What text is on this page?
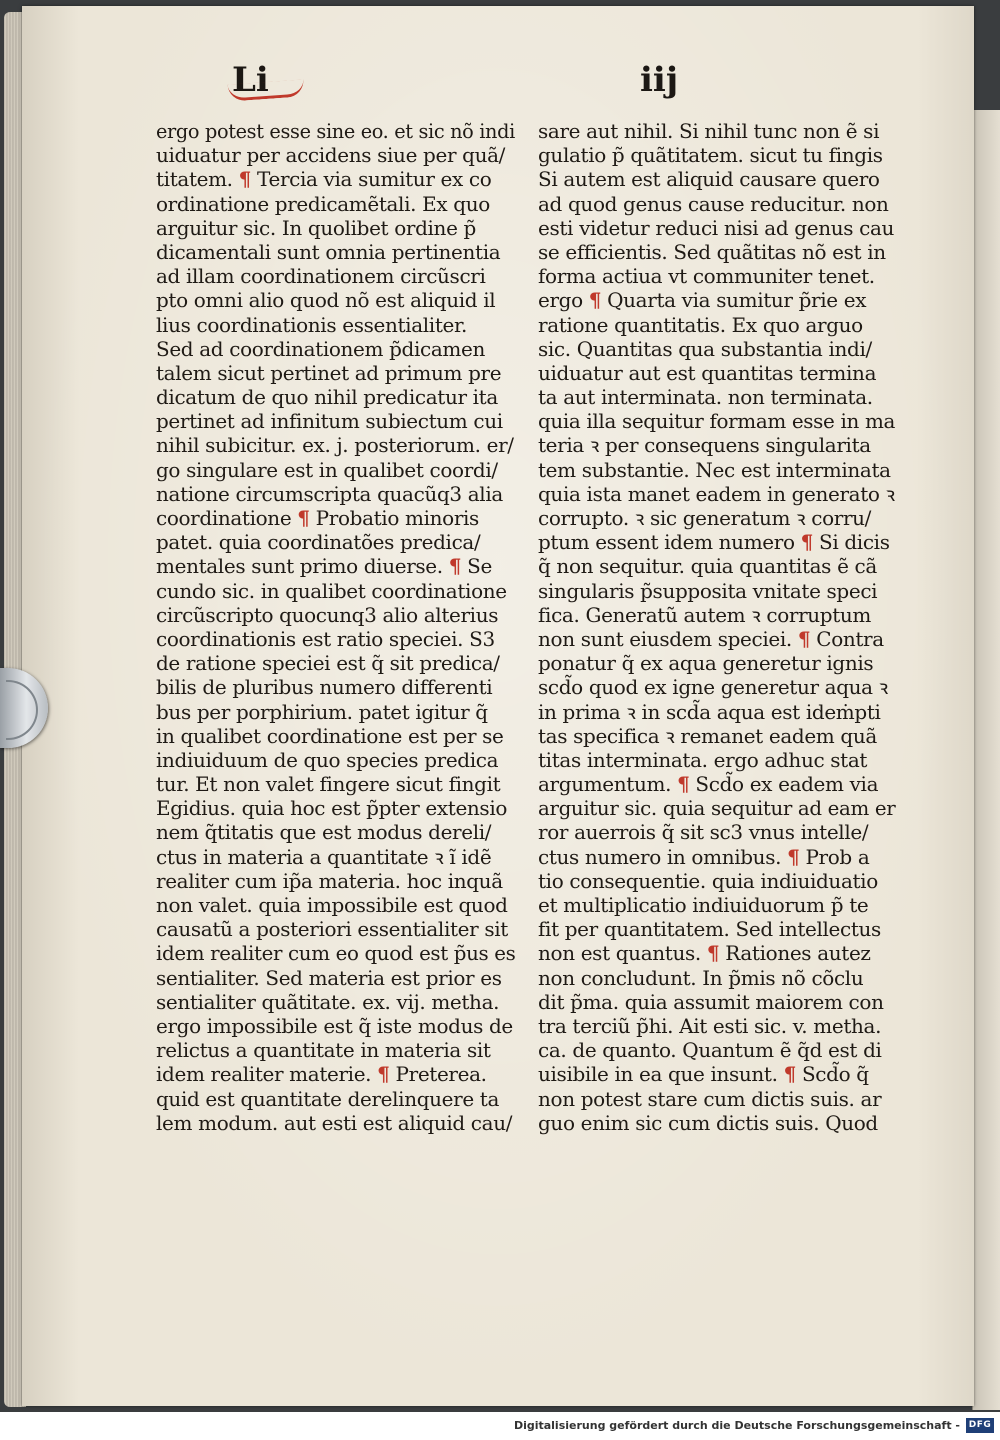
Li	iij
ergo potest esse sine eo. et sic nõ indi
uiduatur per accidens siue per quã/
titatem. ¶ Tercia via sumitur ex co
ordinatione predicamẽtali. Ex quo
arguitur sic. In quolibet ordine p̃
dicamentali sunt omnia pertinentia
ad illam coordinationem circũscri
pto omni alio quod nõ est aliquid il
lius coordinationis essentialiter.
Sed ad coordinationem p̃dicamen
talem sicut pertinet ad primum pre
dicatum de quo nihil predicatur ita
pertinet ad infinitum subiectum cui
nihil subicitur. ex. j. posteriorum. er/
go singulare est in qualibet coordi/
natione circumscripta quacũq3 alia
coordinatione ¶ Probatio minoris
patet. quia coordinatões predica/
mentales sunt primo diuerse. ¶ Se
cundo sic. in qualibet coordinatione
circũscripto quocunq3 alio alterius
coordinationis est ratio speciei. S3
de ratione speciei est q̃ sit predica/
bilis de pluribus numero differenti
bus per porphirium. patet igitur q̃
in qualibet coordinatione est per se
indiuiduum de quo species predica
tur. Et non valet fingere sicut fingit
Egidius. quia hoc est p̃pter extensio
nem q̃titatis que est modus dereli/
ctus in materia a quantitate ꝛ ĩ idẽ
realiter cum ip̃a materia. hoc inquã
non valet. quia impossibile est quod
causatũ a posteriori essentialiter sit
idem realiter cum eo quod est p̃us es
sentialiter. Sed materia est prior es
sentialiter quãtitate. ex. vij. metha.
ergo impossibile est q̃ iste modus de
relictus a quantitate in materia sit
idem realiter materie. ¶ Preterea.
quid est quantitate derelinquere ta
lem modum. aut esti est aliquid cau/
sare aut nihil. Si nihil tunc non ẽ si
gulatio p̃ quãtitatem. sicut tu fingis
Si autem est aliquid causare quero
ad quod genus cause reducitur. non
esti videtur reduci nisi ad genus cau
se efficientis. Sed quãtitas nõ est in
forma actiua vt communiter tenet.
ergo ¶ Quarta via sumitur p̃rie ex
ratione quantitatis. Ex quo arguo
sic. Quantitas qua substantia indi/
uiduatur aut est quantitas termina
ta aut interminata. non terminata.
quia illa sequitur formam esse in ma
teria ꝛ per consequens singularita
tem substantie. Nec est interminata
quia ista manet eadem in generato ꝛ
corrupto. ꝛ sic generatum ꝛ corru/
ptum essent idem numero ¶ Si dicis
q̃ non sequitur. quia quantitas ẽ cã
singularis p̃supposita vnitate speci
fica. Generatũ autem ꝛ corruptum
non sunt eiusdem speciei. ¶ Contra
ponatur q̃ ex aqua generetur ignis
scd̃o quod ex igne generetur aqua ꝛ
in prima ꝛ in scd̃a aqua est ideṁpti
tas specifica ꝛ remanet eadem quã
titas interminata. ergo adhuc stat
argumentum. ¶ Scd̃o ex eadem via
arguitur sic. quia sequitur ad eam er
ror auerrois q̃ sit sc3 vnus intelle/
ctus numero in omnibus. ¶ Prob a
tio consequentie. quia indiuiduatio
et multiplicatio indiuiduorum p̃ te
fit per quantitatem. Sed intellectus
non est quantus. ¶ Rationes autez
non concludunt. In p̃mis nõ cõclu
dit p̃ma. quia assumit maiorem con
tra terciũ p̃hi. Ait esti sic. v. metha.
ca. de quanto. Quantum ẽ q̃d est di
uisibile in ea que insunt. ¶ Scd̃o q̃
non potest stare cum dictis suis. ar
guo enim sic cum dictis suis. Quod
Digitalisierung gefördert durch die Deutsche Forschungsgemeinschaft - DFG
